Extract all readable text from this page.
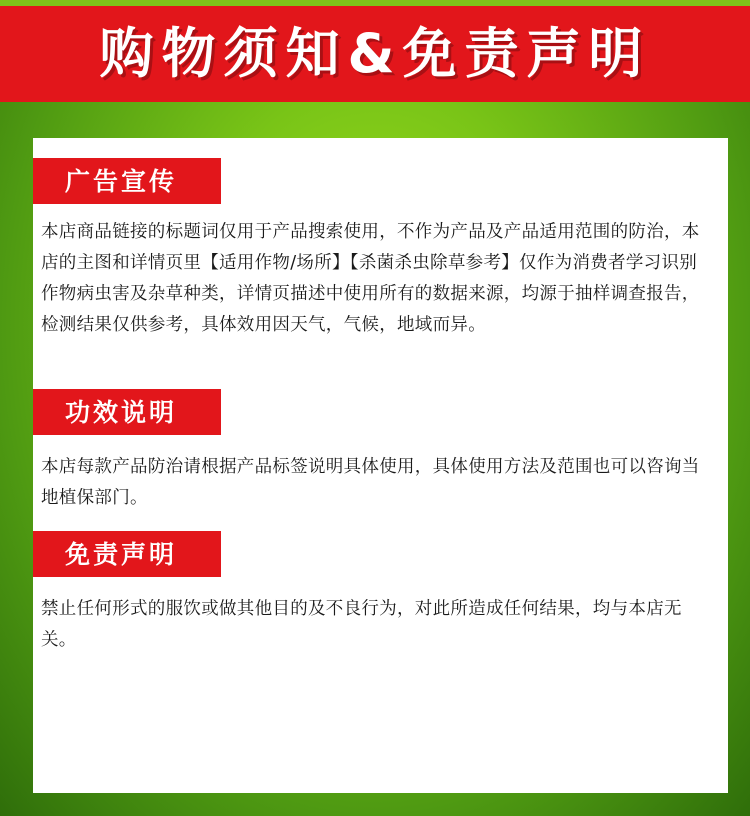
购物须知&免责声明
广告宣传

本店商品链接的标题词仅用于产品搜索使用，不作为产品及产品适用范围的防治，本店的主图和详情页里【适用作物/场所】【杀菌杀虫除草参考】仅作为消费者学习识别作物病虫害及杂草种类，详情页描述中使用所有的数据来源，均源于抽样调查报告，检测结果仅供参考，具体效用因天气，气候，地域而异。

功效说明

本店每款产品防治请根据产品标签说明具体使用，具体使用方法及范围也可以咨询当地植保部门。

免责声明

禁止任何形式的服饮或做其他目的及不良行为，对此所造成任何结果，均与本店无关。
